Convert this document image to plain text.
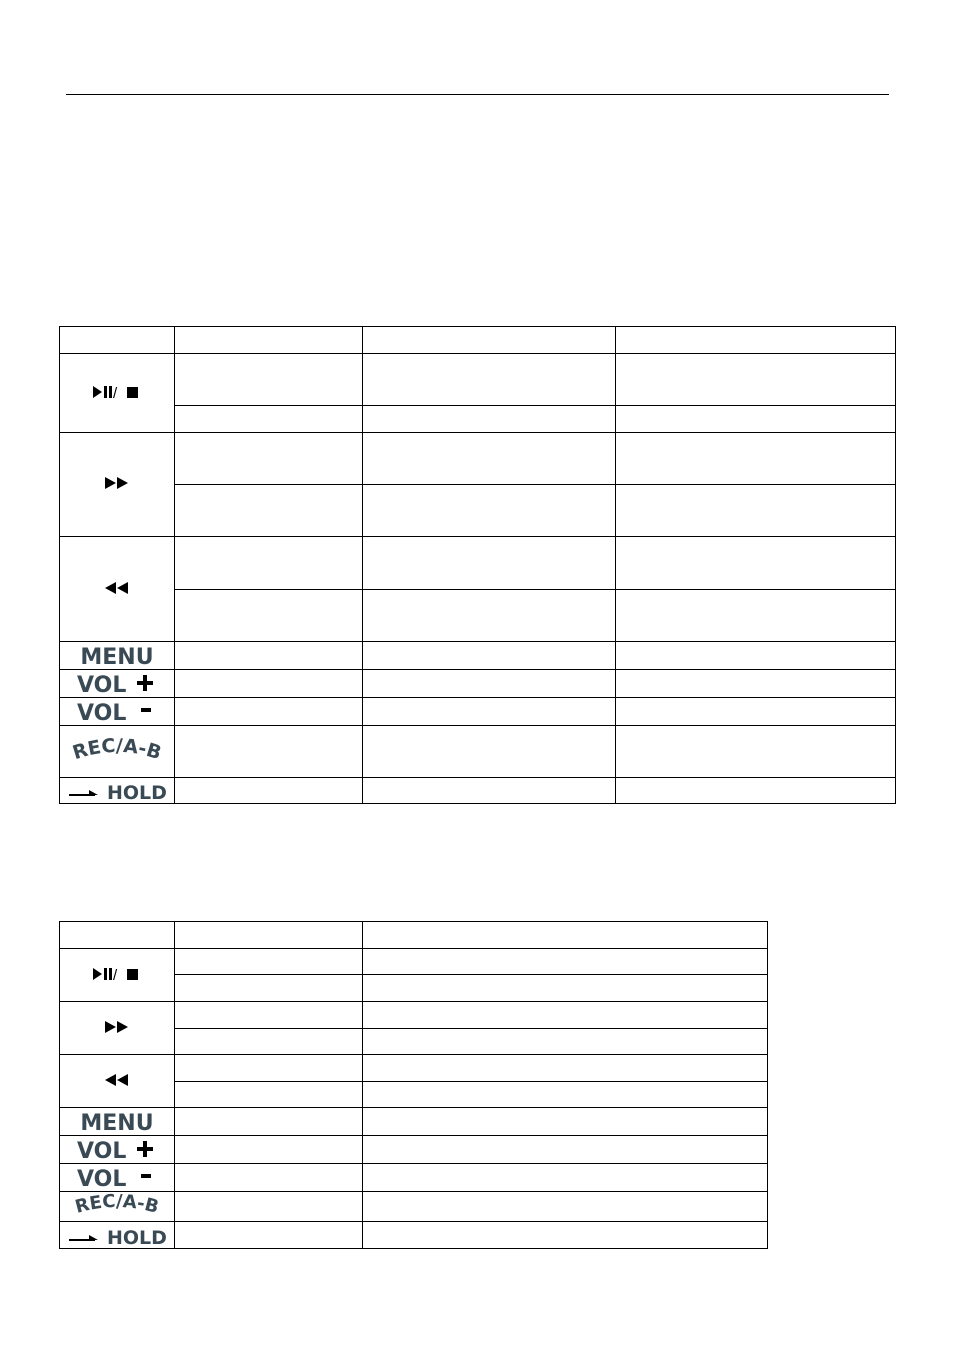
/			

MENU			

VOL			

VOL			

REC/A-B			

HOLD			

/		

MENU		

VOL		

VOL		

REC/A-B		

HOLD		
